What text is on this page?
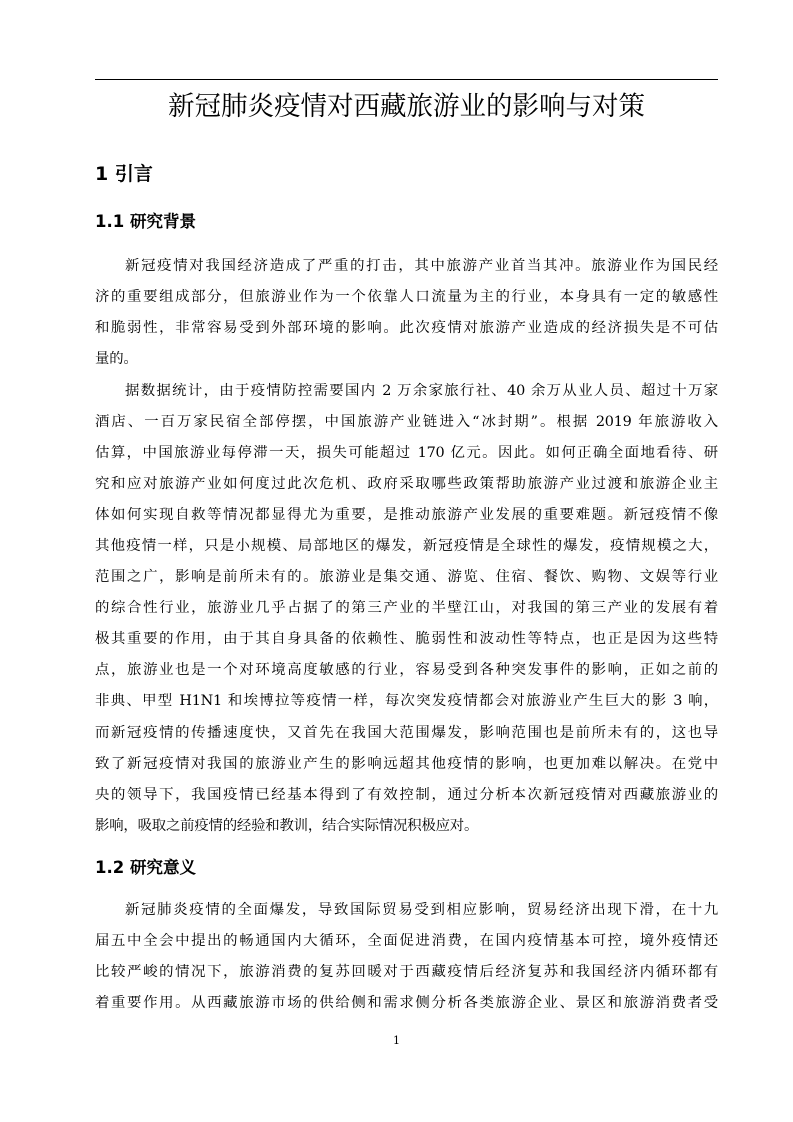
新冠肺炎疫情对西藏旅游业的影响与对策
1 引言
1.1 研究背景
新冠疫情对我国经济造成了严重的打击，其中旅游产业首当其冲。旅游业作为国民经
济的重要组成部分，但旅游业作为一个依靠人口流量为主的行业，本身具有一定的敏感性
和脆弱性，非常容易受到外部环境的影响。此次疫情对旅游产业造成的经济损失是不可估
量的。
据数据统计，由于疫情防控需要国内 2 万余家旅行社、40 余万从业人员、超过十万家
酒店、一百万家民宿全部停摆，中国旅游产业链进入“冰封期”。根据 2019 年旅游收入
估算，中国旅游业每停滞一天，损失可能超过 170 亿元。因此。如何正确全面地看待、研
究和应对旅游产业如何度过此次危机、政府采取哪些政策帮助旅游产业过渡和旅游企业主
体如何实现自救等情况都显得尤为重要，是推动旅游产业发展的重要难题。新冠疫情不像
其他疫情一样，只是小规模、局部地区的爆发，新冠疫情是全球性的爆发，疫情规模之大，
范围之广，影响是前所未有的。旅游业是集交通、游览、住宿、餐饮、购物、文娱等行业
的综合性行业，旅游业几乎占据了的第三产业的半壁江山，对我国的第三产业的发展有着
极其重要的作用，由于其自身具备的依赖性、脆弱性和波动性等特点，也正是因为这些特
点，旅游业也是一个对环境高度敏感的行业，容易受到各种突发事件的影响，正如之前的
非典、甲型 H1N1 和埃博拉等疫情一样，每次突发疫情都会对旅游业产生巨大的影 3 响，
而新冠疫情的传播速度快，又首先在我国大范围爆发，影响范围也是前所未有的，这也导
致了新冠疫情对我国的旅游业产生的影响远超其他疫情的影响，也更加难以解决。在党中
央的领导下，我国疫情已经基本得到了有效控制，通过分析本次新冠疫情对西藏旅游业的
影响，吸取之前疫情的经验和教训，结合实际情况积极应对。
1.2 研究意义
新冠肺炎疫情的全面爆发，导致国际贸易受到相应影响，贸易经济出现下滑，在十九
届五中全会中提出的畅通国内大循环，全面促进消费，在国内疫情基本可控，境外疫情还
比较严峻的情况下，旅游消费的复苏回暖对于西藏疫情后经济复苏和我国经济内循环都有
着重要作用。从西藏旅游市场的供给侧和需求侧分析各类旅游企业、景区和旅游消费者受
1
